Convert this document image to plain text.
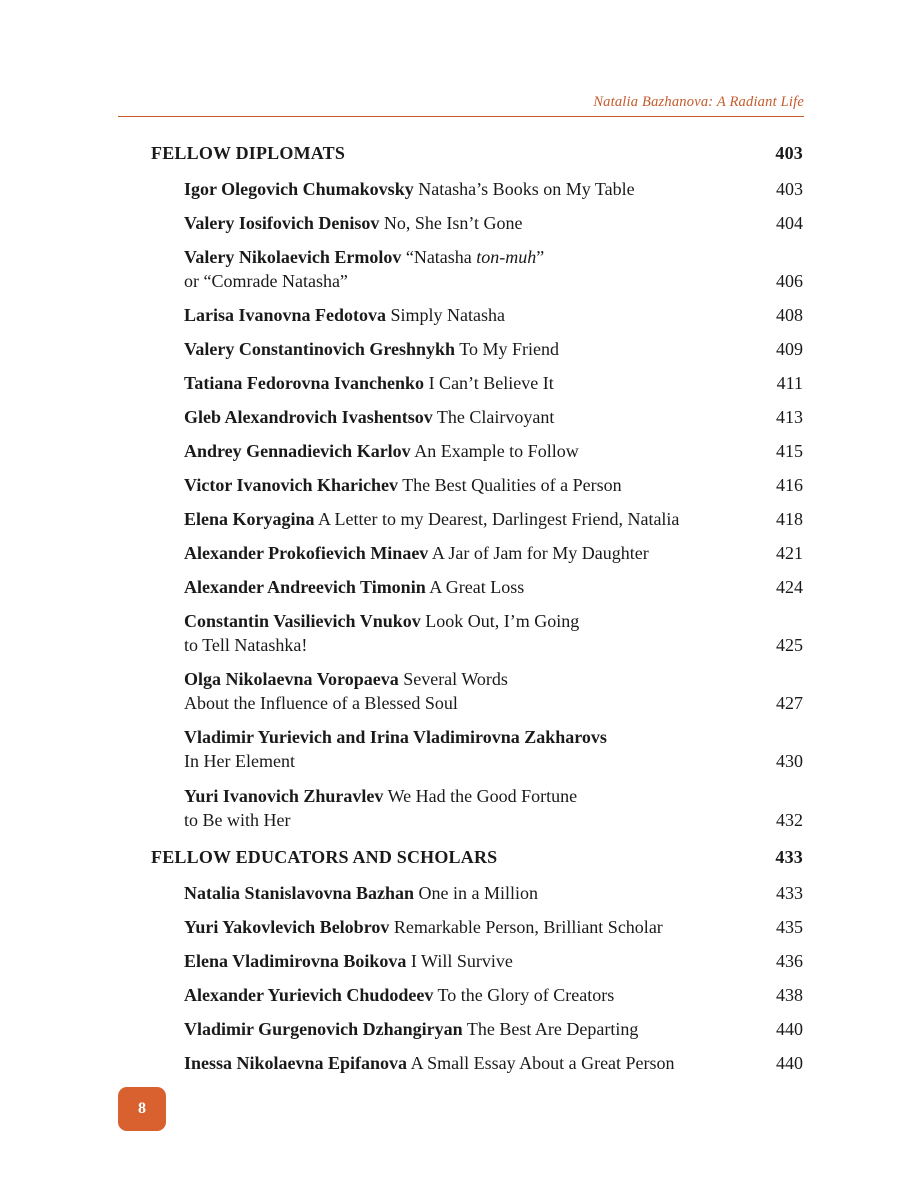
Natalia Bazhanova: A Radiant Life
FELLOW DIPLOMATS	403
Igor Olegovich Chumakovsky Natasha’s Books on My Table	403
Valery Iosifovich Denisov No, She Isn’t Gone	404
Valery Nikolaevich Ermolov “Natasha ton-muh”
or “Comrade Natasha”	406
Larisa Ivanovna Fedotova Simply Natasha	408
Valery Constantinovich Greshnykh To My Friend	409
Tatiana Fedorovna Ivanchenko I Can’t Believe It	411
Gleb Alexandrovich Ivashentsov The Clairvoyant	413
Andrey Gennadievich Karlov An Example to Follow	415
Victor Ivanovich Kharichev The Best Qualities of a Person	416
Elena Koryagina A Letter to my Dearest, Darlingest Friend, Natalia	418
Alexander Prokofievich Minaev A Jar of Jam for My Daughter	421
Alexander Andreevich Timonin A Great Loss	424
Constantin Vasilievich Vnukov Look Out, I’m Going
to Tell Natashka!	425
Olga Nikolaevna Voropaeva Several Words
About the Influence of a Blessed Soul	427
Vladimir Yurievich and Irina Vladimirovna Zakharovs
In Her Element	430
Yuri Ivanovich Zhuravlev We Had the Good Fortune
to Be with Her	432
FELLOW EDUCATORS AND SCHOLARS	433
Natalia Stanislavovna Bazhan One in a Million	433
Yuri Yakovlevich Belobrov Remarkable Person, Brilliant Scholar	435
Elena Vladimirovna Boikova I Will Survive	436
Alexander Yurievich Chudodeev To the Glory of Creators	438
Vladimir Gurgenovich Dzhangiryan The Best Are Departing	440
Inessa Nikolaevna Epifanova A Small Essay About a Great Person	440
8
